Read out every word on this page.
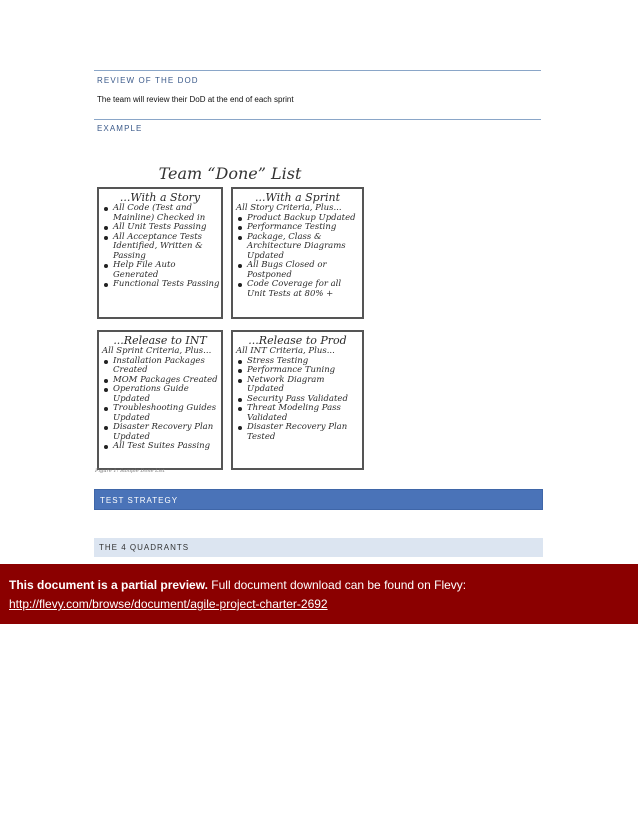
REVIEW OF THE DOD
The team will review their DoD at the end of each sprint
EXAMPLE
Team “Done” List
...With a Story
All Code (Test and Mainline) Checked in
All Unit Tests Passing
All Acceptance Tests Identified, Written & Passing
Help File Auto Generated
Functional Tests Passing
...With a Sprint
All Story Criteria, Plus...
Product Backup Updated
Performance Testing
Package, Class & Architecture Diagrams Updated
All Bugs Closed or Postponed
Code Coverage for all Unit Tests at 80% +
...Release to INT
All Sprint Criteria, Plus...
Installation Packages Created
MOM Packages Created
Operations Guide Updated
Troubleshooting Guides Updated
Disaster Recovery Plan Updated
All Test Suites Passing
...Release to Prod
All INT Criteria, Plus...
Stress Testing
Performance Tuning
Network Diagram Updated
Security Pass Validated
Threat Modeling Pass Validated
Disaster Recovery Plan Tested
Figure 1: Sample Done List
TEST STRATEGY
THE 4 QUADRANTS
This document is a partial preview. Full document download can be found on Flevy:
http://flevy.com/browse/document/agile-project-charter-2692
